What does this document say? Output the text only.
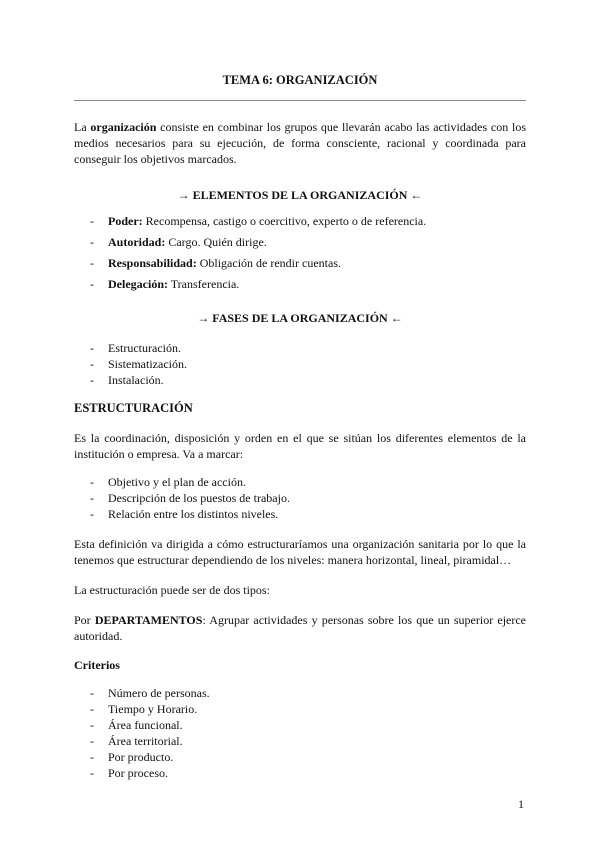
TEMA 6: ORGANIZACIÓN

La organización consiste en combinar los grupos que llevarán acabo las actividades con los medios necesarios para su ejecución, de forma consciente, racional y coordinada para conseguir los objetivos marcados.

→ ELEMENTOS DE LA ORGANIZACIÓN ←

- Poder: Recompensa, castigo o coercitivo, experto o de referencia.
- Autoridad: Cargo. Quién dirige.
- Responsabilidad: Obligación de rendir cuentas.
- Delegación: Transferencia.

→ FASES DE LA ORGANIZACIÓN ←

- Estructuración.
- Sistematización.
- Instalación.
ESTRUCTURACIÓN

Es la coordinación, disposición y orden en el que se sitúan los diferentes elementos de la institución o empresa. Va a marcar:

- Objetivo y el plan de acción.
- Descripción de los puestos de trabajo.
- Relación entre los distintos niveles.

Esta definición va dirigida a cómo estructuraríamos una organización sanitaria por lo que la tenemos que estructurar dependiendo de los niveles: manera horizontal, lineal, piramidal…

La estructuración puede ser de dos tipos:

Por DEPARTAMENTOS: Agrupar actividades y personas sobre los que un superior ejerce autoridad.

Criterios

- Número de personas.
- Tiempo y Horario.
- Área funcional.
- Área territorial.
- Por producto.
- Por proceso.
1
